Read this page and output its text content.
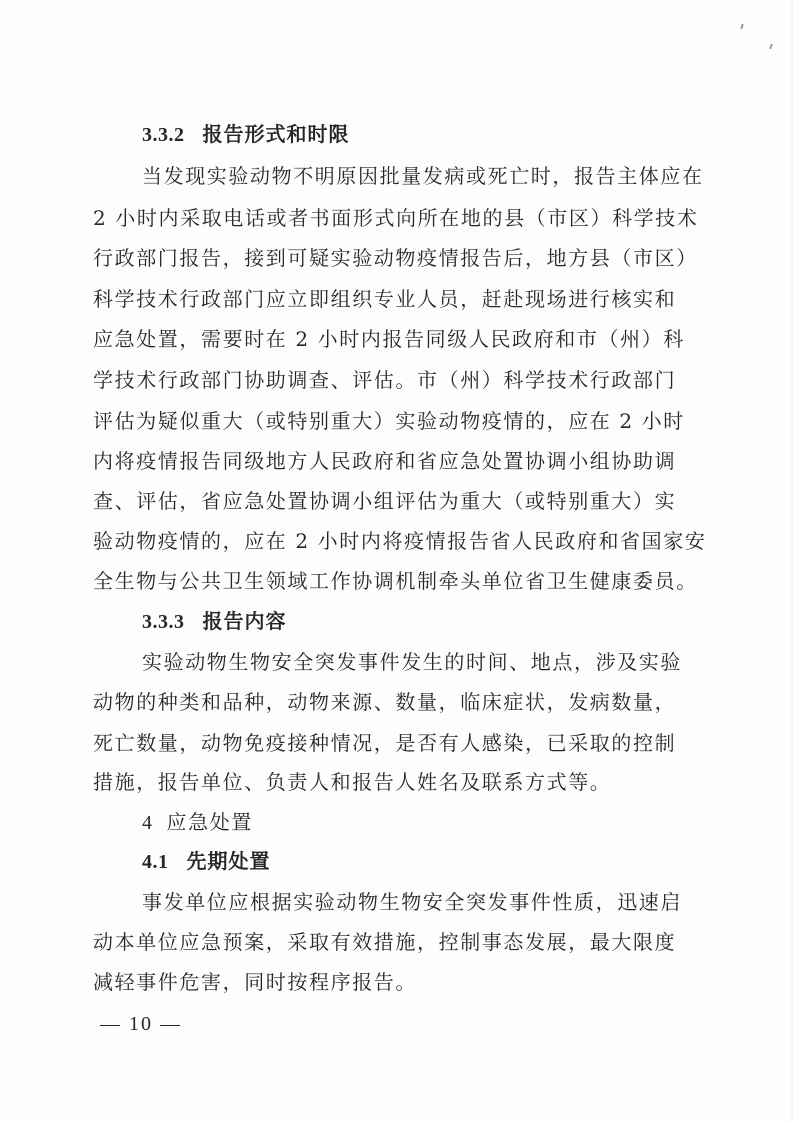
3.3.2 报告形式和时限
当发现实验动物不明原因批量发病或死亡时，报告主体应在
2 小时内采取电话或者书面形式向所在地的县（市区）科学技术
行政部门报告，接到可疑实验动物疫情报告后，地方县（市区）
科学技术行政部门应立即组织专业人员，赶赴现场进行核实和
应急处置，需要时在 2 小时内报告同级人民政府和市（州）科
学技术行政部门协助调查、评估。市（州）科学技术行政部门
评估为疑似重大（或特别重大）实验动物疫情的，应在 2 小时
内将疫情报告同级地方人民政府和省应急处置协调小组协助调
查、评估，省应急处置协调小组评估为重大（或特别重大）实
验动物疫情的，应在 2 小时内将疫情报告省人民政府和省国家安
全生物与公共卫生领域工作协调机制牵头单位省卫生健康委员。
3.3.3 报告内容
实验动物生物安全突发事件发生的时间、地点，涉及实验
动物的种类和品种，动物来源、数量，临床症状，发病数量，
死亡数量，动物免疫接种情况，是否有人感染，已采取的控制
措施，报告单位、负责人和报告人姓名及联系方式等。
4 应急处置
4.1 先期处置
事发单位应根据实验动物生物安全突发事件性质，迅速启
动本单位应急预案，采取有效措施，控制事态发展，最大限度
减轻事件危害，同时按程序报告。
— 10 —
